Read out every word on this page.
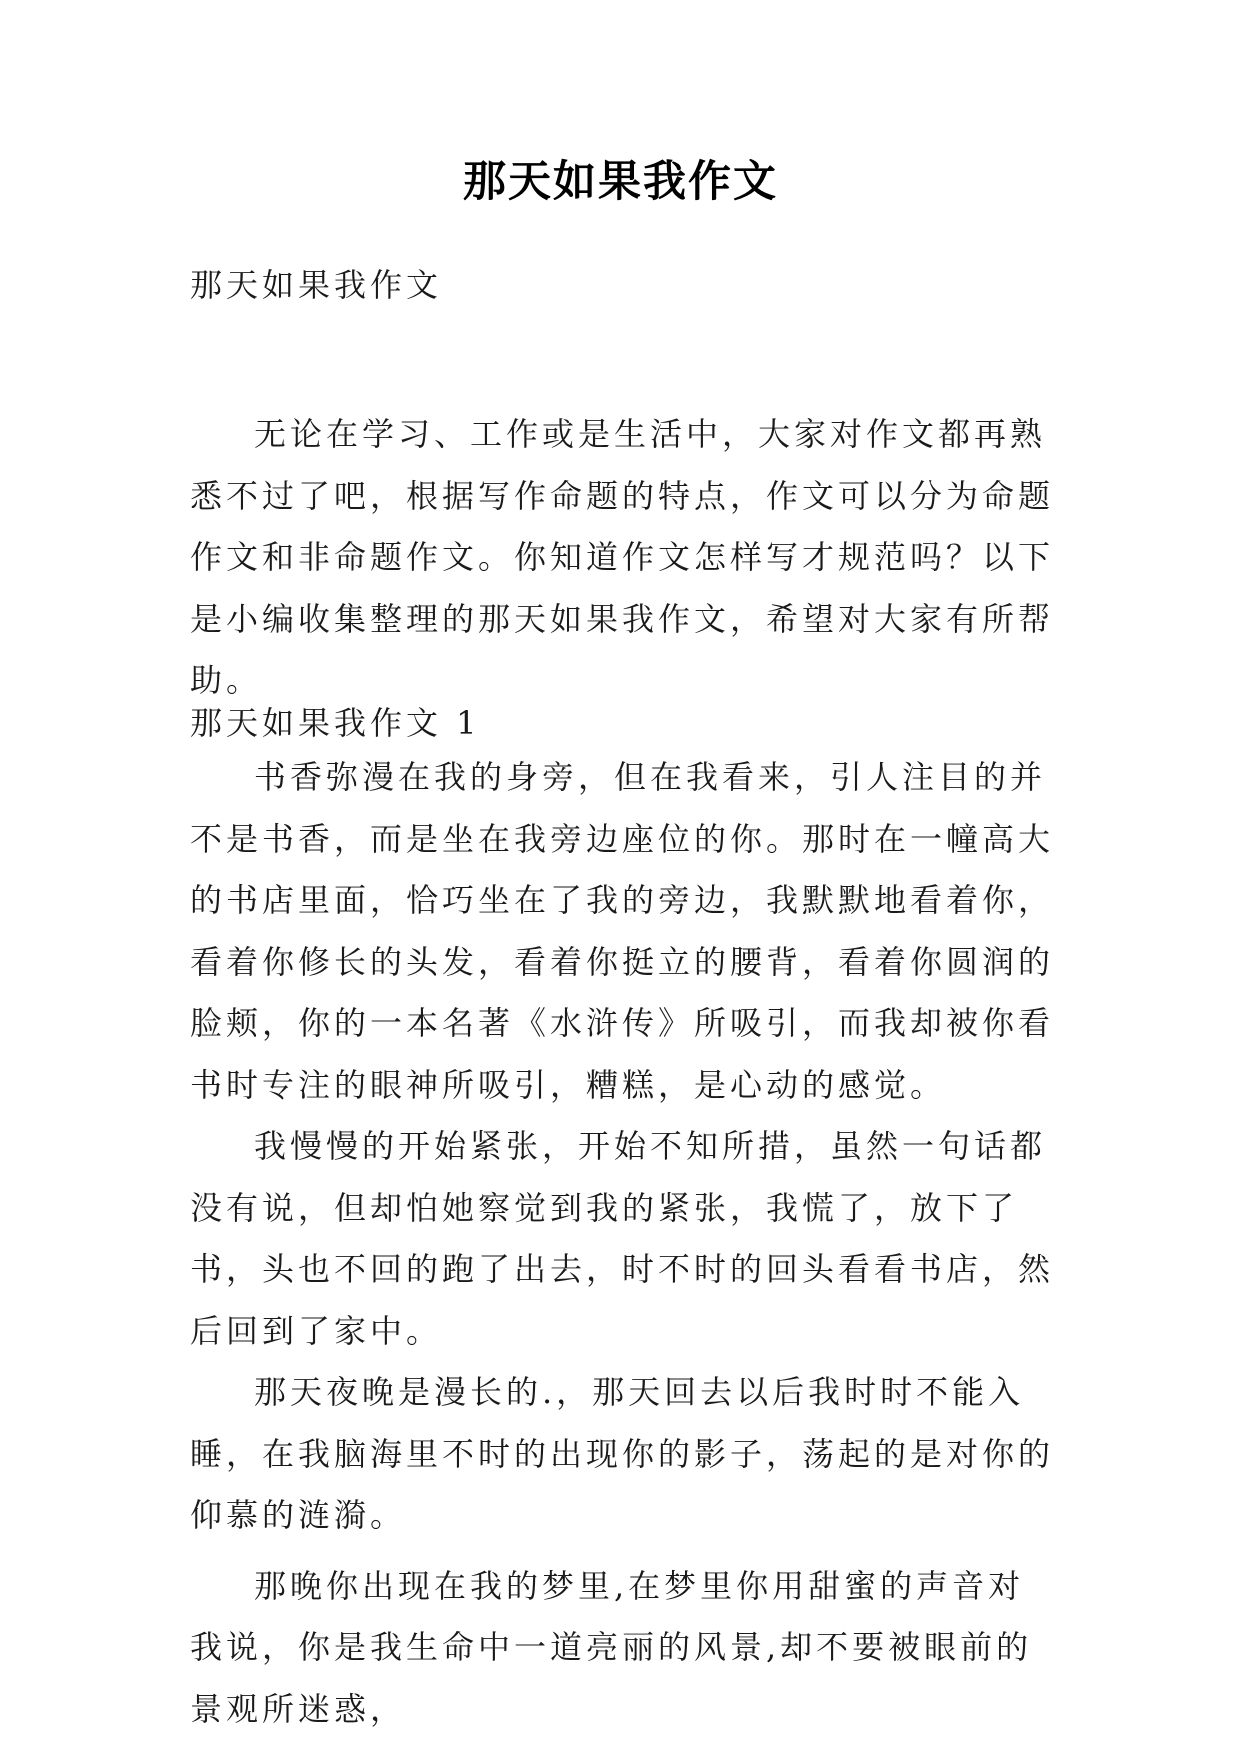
那天如果我作文

那天如果我作文

无论在学习、工作或是生活中，大家对作文都再熟悉不过了吧，根据写作命题的特点，作文可以分为命题作文和非命题作文。你知道作文怎样写才规范吗？以下是小编收集整理的那天如果我作文，希望对大家有所帮助。

那天如果我作文 1

书香弥漫在我的身旁，但在我看来，引人注目的并不是书香，而是坐在我旁边座位的你。那时在一幢高大的书店里面，恰巧坐在了我的旁边，我默默地看着你，看着你修长的头发，看着你挺立的腰背，看着你圆润的脸颊，你的一本名著《水浒传》所吸引，而我却被你看书时专注的眼神所吸引，糟糕，是心动的感觉。

我慢慢的开始紧张，开始不知所措，虽然一句话都没有说，但却怕她察觉到我的紧张，我慌了，放下了书，头也不回的跑了出去，时不时的回头看看书店，然后回到了家中。

那天夜晚是漫长的.，那天回去以后我时时不能入睡，在我脑海里不时的出现你的影子，荡起的是对你的仰慕的涟漪。

那晚你出现在我的梦里,在梦里你用甜蜜的声音对我说，你是我生命中一道亮丽的风景,却不要被眼前的景观所迷惑，
